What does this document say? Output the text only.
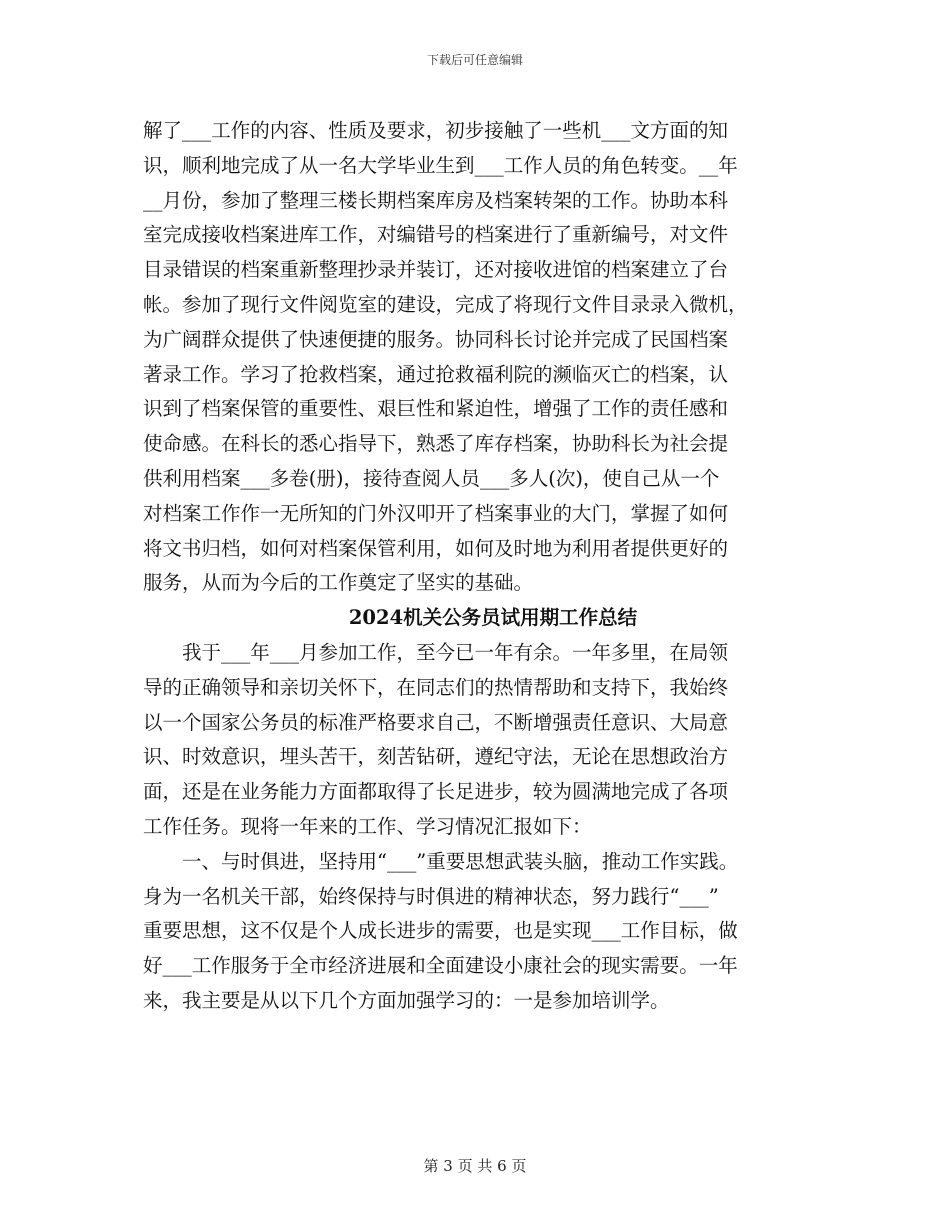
下载后可任意编辑
解了___工作的内容、性质及要求，初步接触了一些机___文方面的知
识，顺利地完成了从一名大学毕业生到___工作人员的角色转变。__年
__月份，参加了整理三楼长期档案库房及档案转架的工作。协助本科
室完成接收档案进库工作，对编错号的档案进行了重新编号，对文件
目录错误的档案重新整理抄录并装订，还对接收进馆的档案建立了台
帐。参加了现行文件阅览室的建设，完成了将现行文件目录录入微机，
为广阔群众提供了快速便捷的服务。协同科长讨论并完成了民国档案
著录工作。学习了抢救档案，通过抢救福利院的濒临灭亡的档案，认
识到了档案保管的重要性、艰巨性和紧迫性，增强了工作的责任感和
使命感。在科长的悉心指导下，熟悉了库存档案，协助科长为社会提
供利用档案___多卷(册)，接待查阅人员___多人(次)，使自己从一个
对档案工作作一无所知的门外汉叩开了档案事业的大门，掌握了如何
将文书归档，如何对档案保管利用，如何及时地为利用者提供更好的
服务，从而为今后的工作奠定了坚实的基础。
2024机关公务员试用期工作总结
　　我于___年___月参加工作，至今已一年有余。一年多里，在局领
导的正确领导和亲切关怀下，在同志们的热情帮助和支持下，我始终
以一个国家公务员的标准严格要求自己，不断增强责任意识、大局意
识、时效意识，埋头苦干，刻苦钻研，遵纪守法，无论在思想政治方
面，还是在业务能力方面都取得了长足进步，较为圆满地完成了各项
工作任务。现将一年来的工作、学习情况汇报如下：
　　一、与时俱进，坚持用“___”重要思想武装头脑，推动工作实践。
身为一名机关干部，始终保持与时俱进的精神状态，努力践行“___”
重要思想，这不仅是个人成长进步的需要，也是实现___工作目标，做
好___工作服务于全市经济进展和全面建设小康社会的现实需要。一年
来，我主要是从以下几个方面加强学习的：一是参加培训学。
第 3 页 共 6 页
